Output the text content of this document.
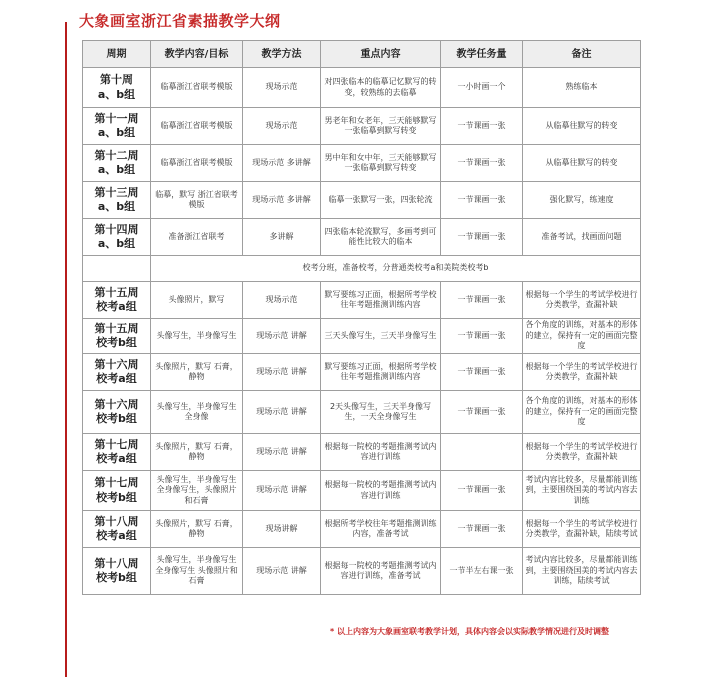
大象画室浙江省素描教学大纲
周期	教学内容/目标	教学方法	重点内容	教学任务量	备注

第十周
a、b组	临摹浙江省联考模版	现场示范	对四张临本的临摹记忆默写的转变，较熟练的去临摹	一小时画一个	熟练临本

第十一周
a、b组	临摹浙江省联考模版	现场示范	男老年和女老年，三天能够默写一张临摹到默写转变	一节课画一张	从临摹往默写的转变

第十二周
a、b组	临摹浙江省联考模版	现场示范 多讲解	男中年和女中年，三天能够默写一张临摹到默写转变	一节课画一张	从临摹往默写的转变

第十三周
a、b组	临摹，默写 浙江省联考模版	现场示范 多讲解	临摹一张默写一张，四张轮流	一节课画一张	强化默写，练速度

第十四周
a、b组	准备浙江省联考	多讲解	四张临本轮流默写，多画考到可能性比较大的临本	一节课画一张	准备考试，找画面问题
	校考分班，准备校考，分普通类校考a和美院类校考b				

第十五周
校考a组	头像照片，默写	现场示范	默写要练习正面，根据所考学校往年考题推测训练内容	一节课画一张	根据每一个学生的考试学校进行分类教学，查漏补缺

第十五周
校考b组	头像写生，半身像写生	现场示范 讲解	三天头像写生，三天半身像写生	一节课画一张	各个角度的训练，对基本的形体的建立，保持有一定的画面完整度

第十六周
校考a组	头像照片，默写 石膏，静物	现场示范 讲解	默写要练习正面，根据所考学校往年考题推测训练内容	一节课画一张	根据每一个学生的考试学校进行分类教学，查漏补缺

第十六周
校考b组	头像写生，半身像写生 全身像	现场示范 讲解	2天头像写生，三天半身像写生，一天全身像写生	一节课画一张	各个角度的训练，对基本的形体的建立，保持有一定的画面完整度

第十七周
校考a组	头像照片，默写 石膏，静物	现场示范 讲解	根据每一院校的考题推测考试内容进行训练		根据每一个学生的考试学校进行分类教学，查漏补缺

第十七周
校考b组	头像写生，半身像写生 全身像写生，头像照片 和石膏	现场示范 讲解	根据每一院校的考题推测考试内容进行训练	一节课画一张	考试内容比较多，尽量都能训练到，主要围绕国美的考试内容去训练

第十八周
校考a组	头像照片，默写 石膏，静物	现场讲解	根据所考学校往年考题推测训练内容，准备考试	一节课画一张	根据每一个学生的考试学校进行分类教学，查漏补缺，陆续考试

第十八周
校考b组	头像写生，半身像写生 全身像写生 头像照片和石膏	现场示范 讲解	根据每一院校的考题推测考试内容进行训练，准备考试	一节半左右课一张	考试内容比较多，尽量都能训练到，主要围绕国美的考试内容去训练，陆续考试
* 以上内容为大象画室联考教学计划，具体内容会以实际教学情况进行及时调整
